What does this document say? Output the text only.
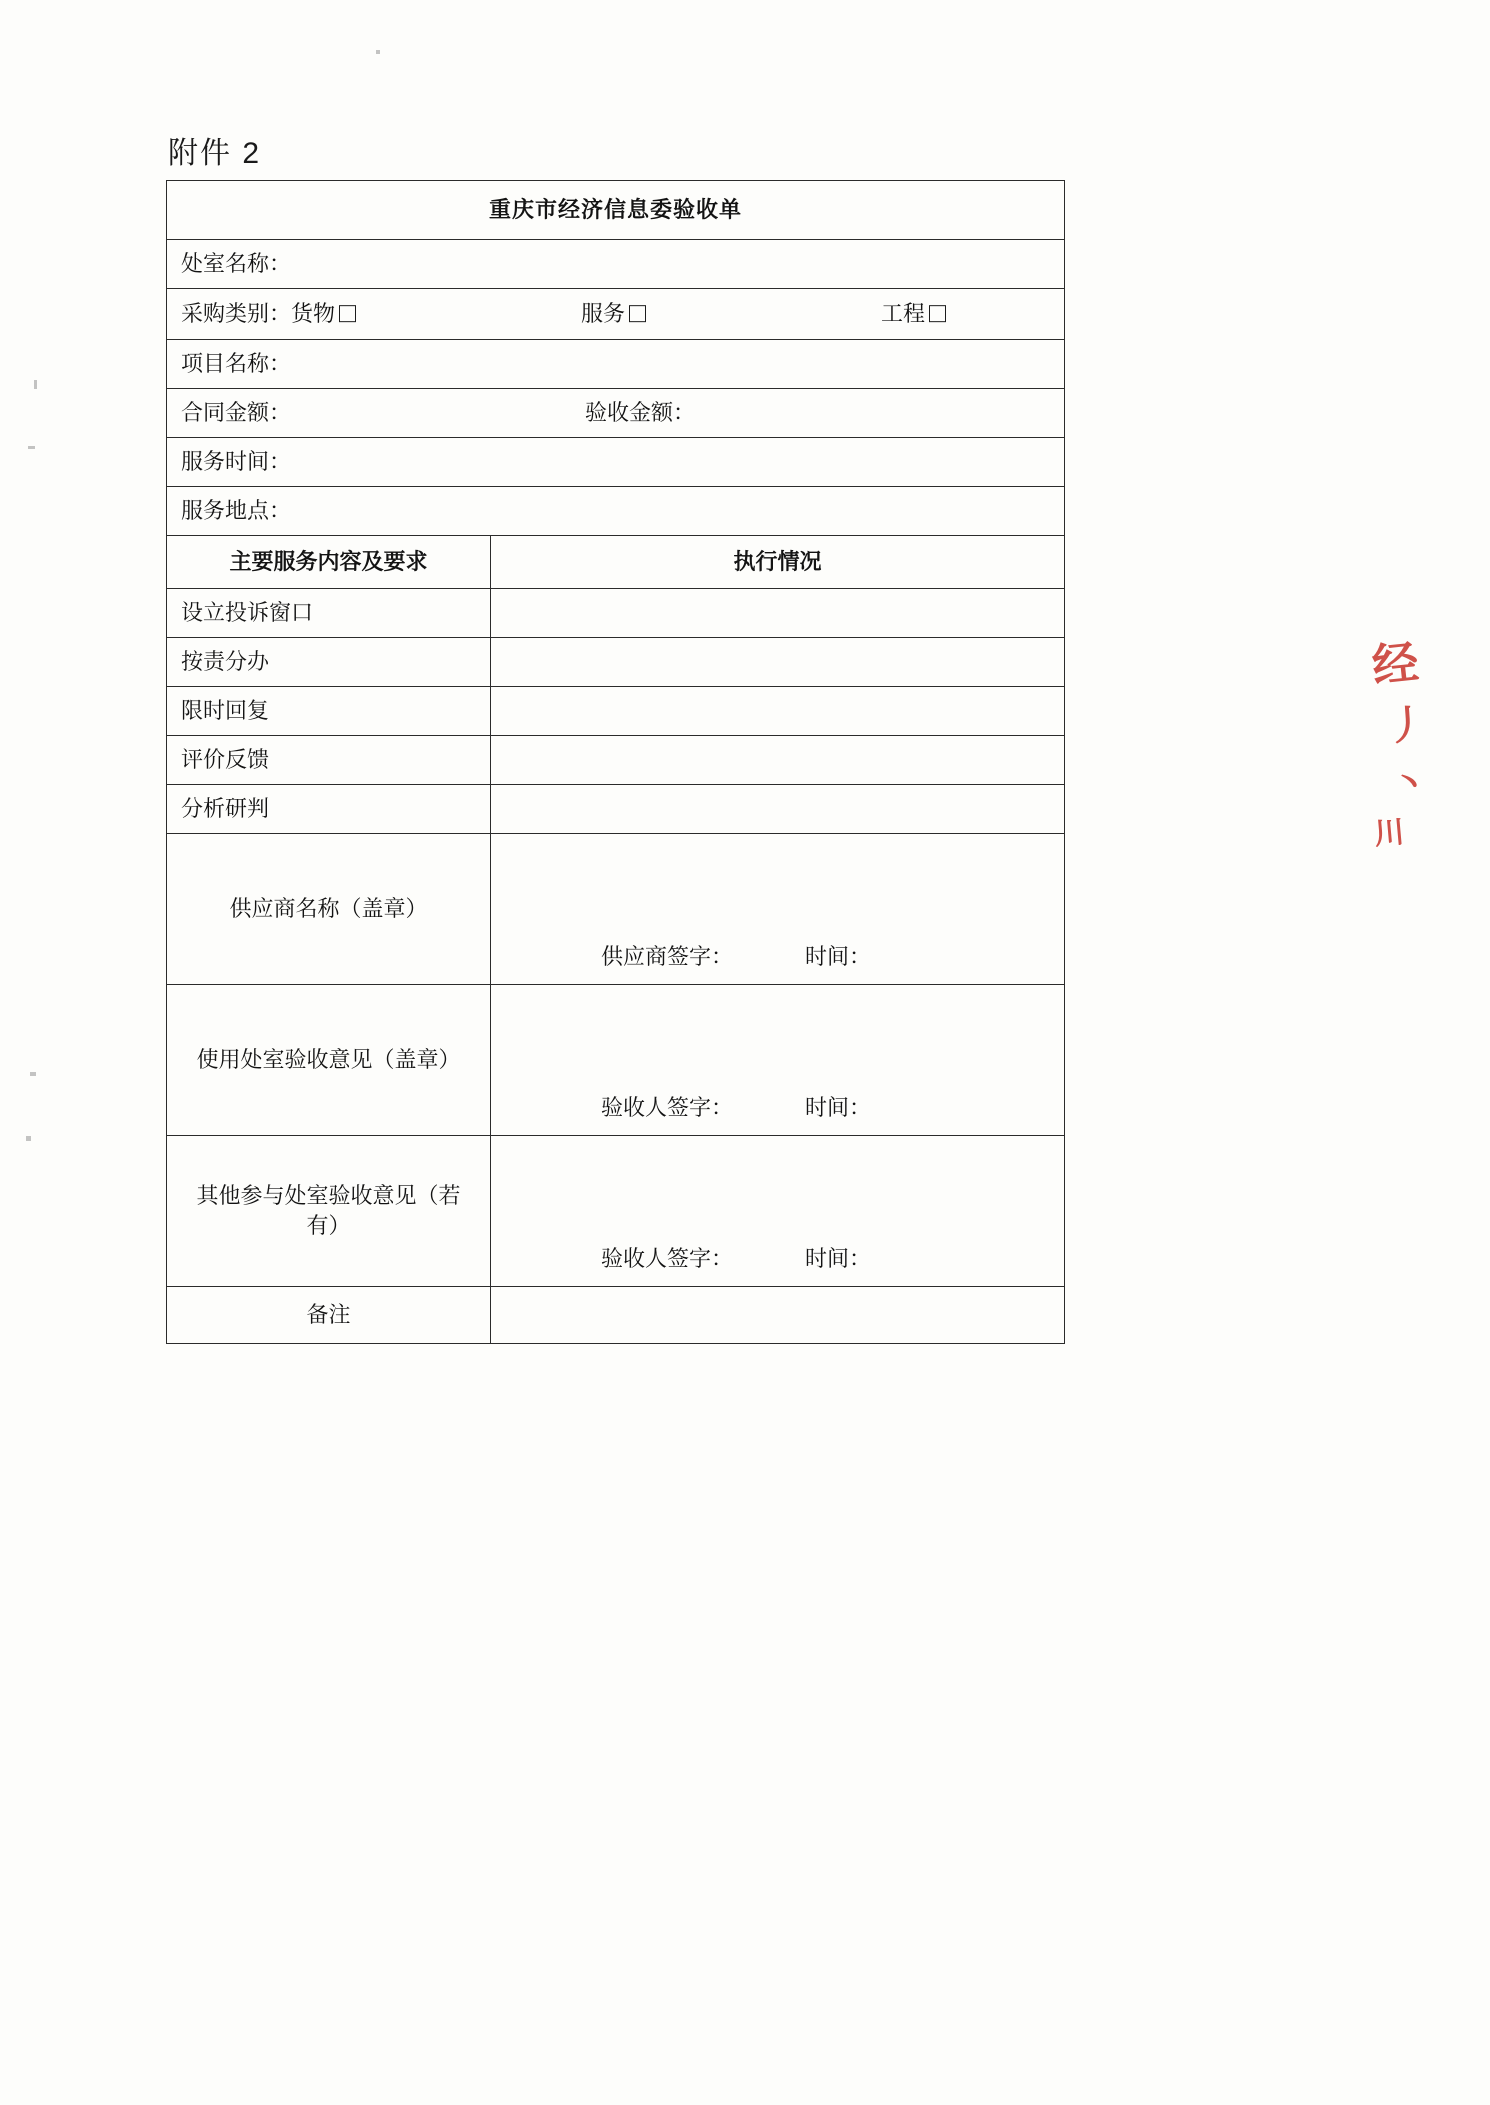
附件 2
重庆市经济信息委验收单	

处室名称：	

采购类别：货物 服务 工程	

项目名称：	

合同金额： 验收金额：	

服务时间：	

服务地点：	

主要服务内容及要求	执行情况
设立投诉窗口	
按责分办	
限时回复	
评价反馈	
分析研判	
供应商名称（盖章）	供应商签字： 时间：

使用处室验收意见（盖章）	验收人签字： 时间：

其他参与处室验收意见（若有）	验收人签字： 时间：

备注	
经
丿
丶
川
